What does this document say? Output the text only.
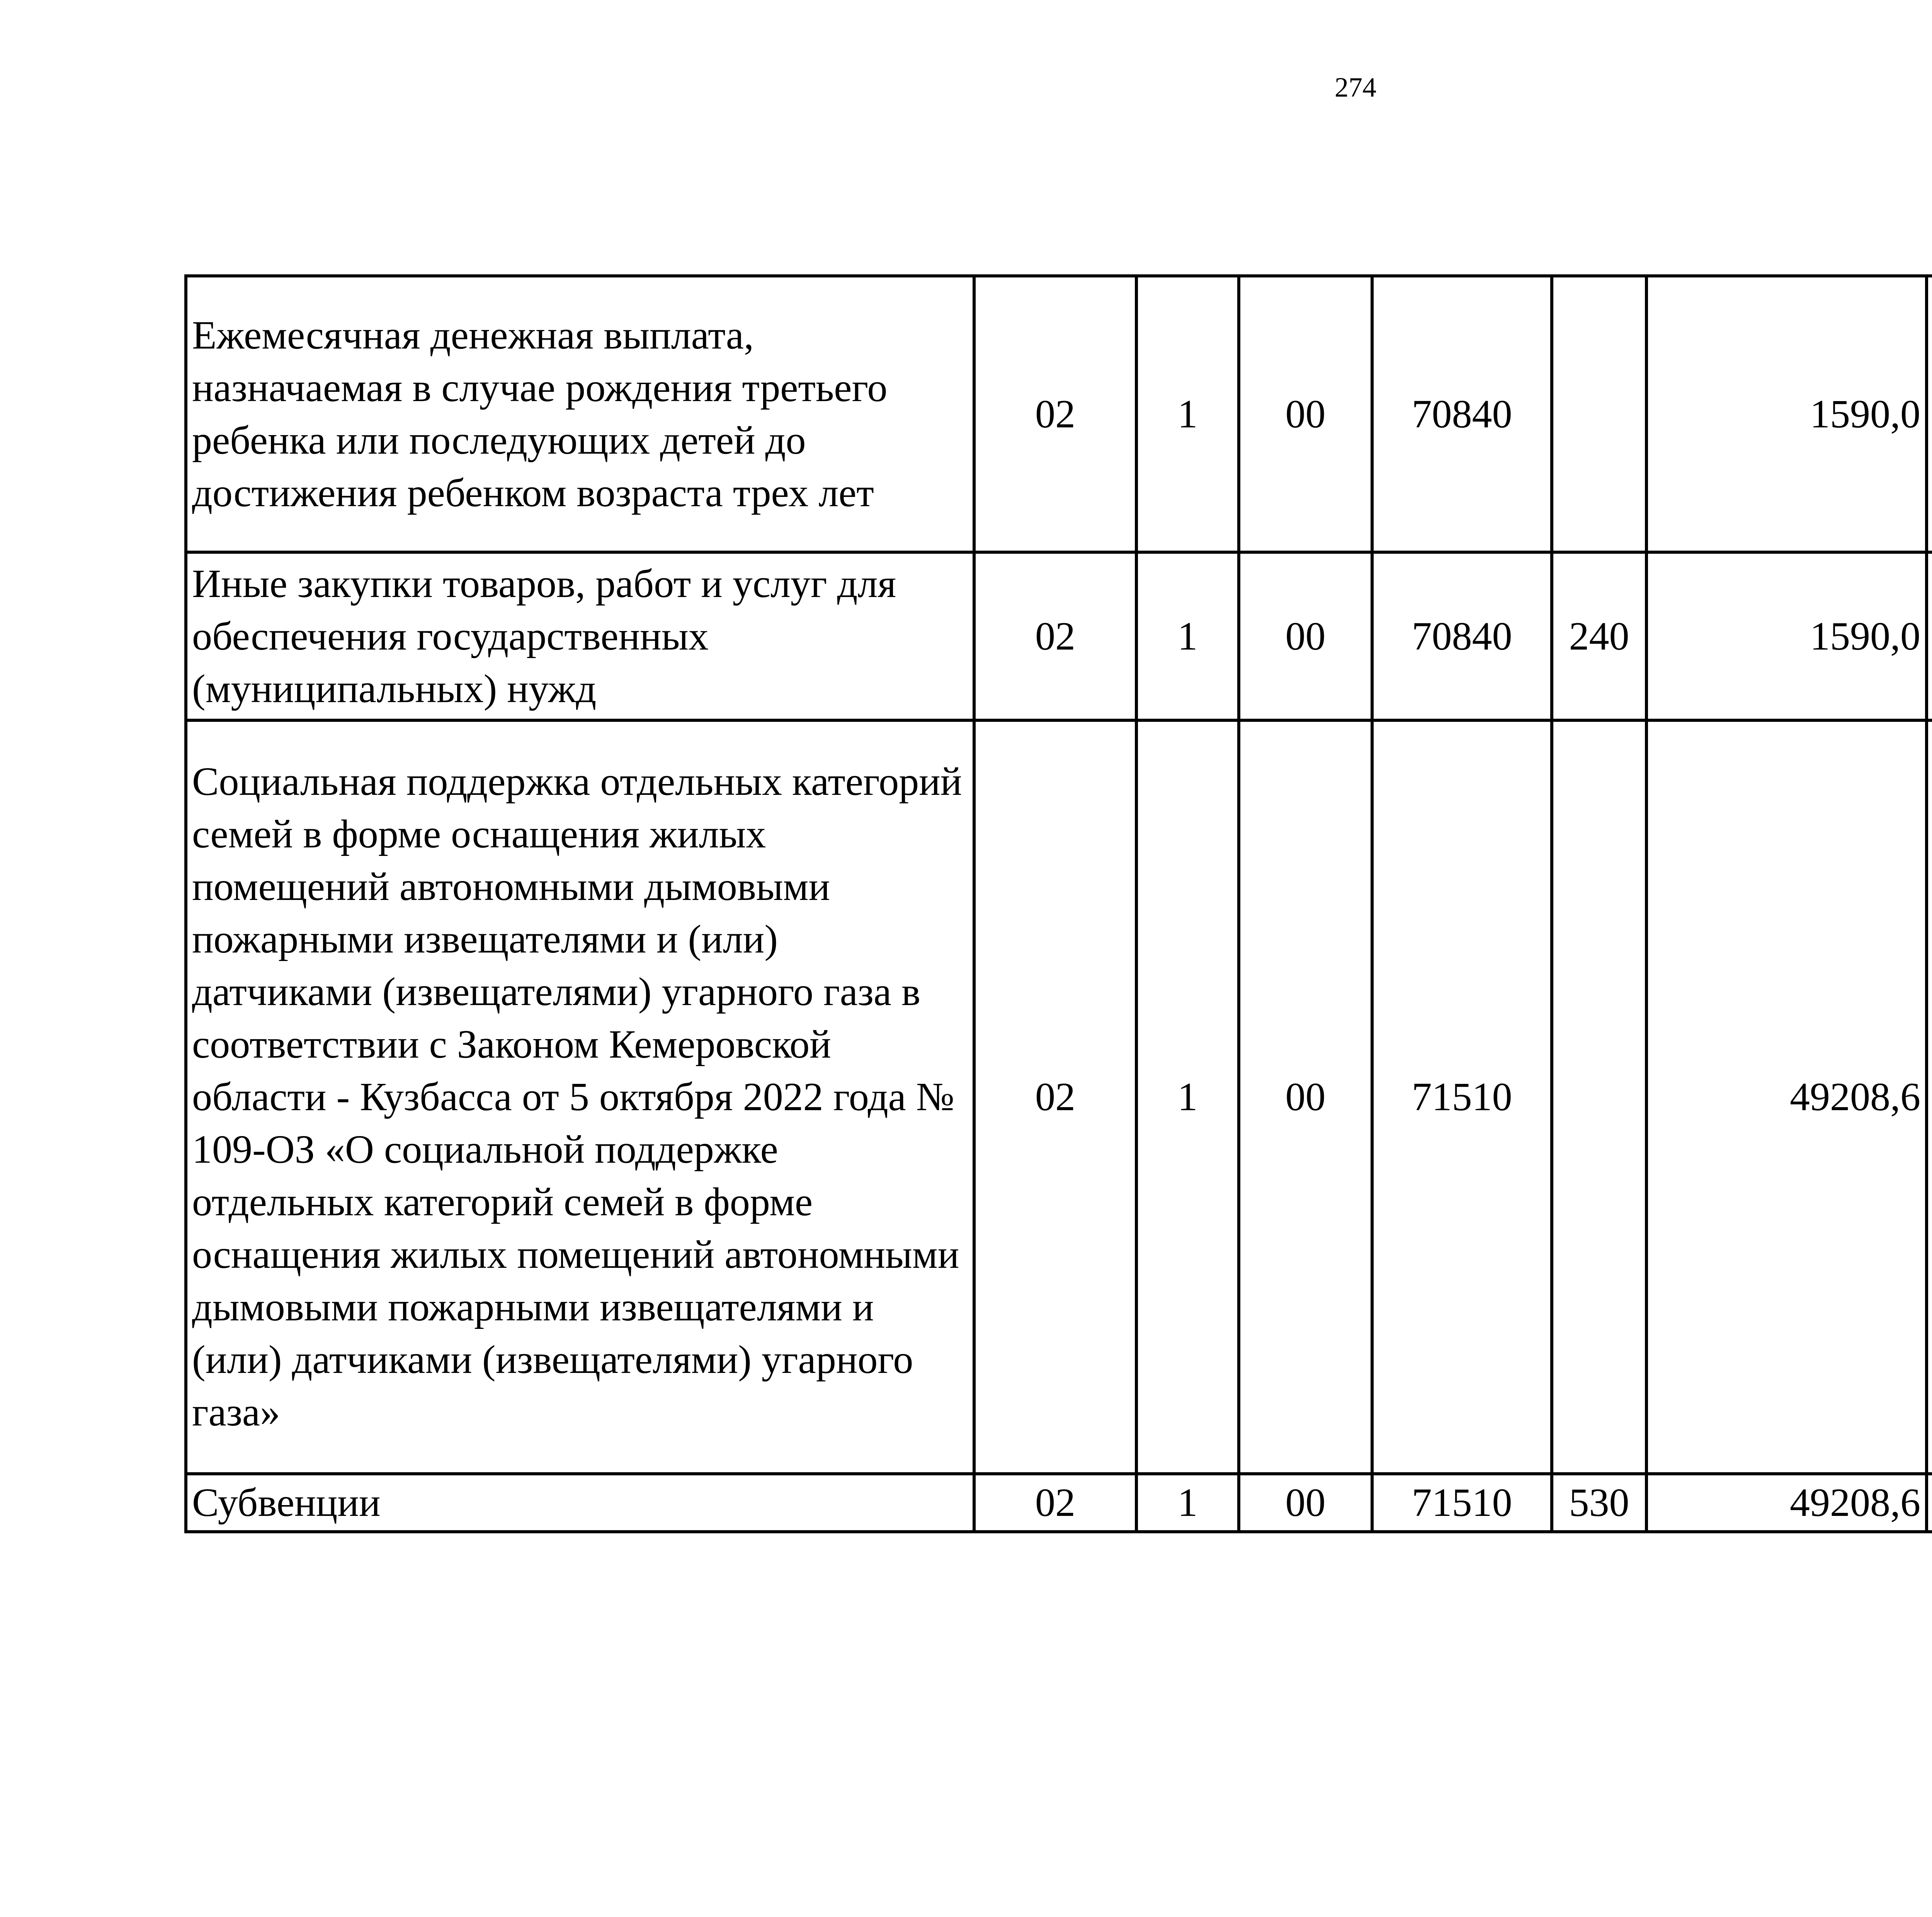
274
Ежемесячная денежная выплата, назначаемая в случае рождения третьего ребенка или последующих детей до достижения ребенком возраста трех лет	02	1	00	70840		1590,0		
Иные закупки товаров, работ и услуг для обеспечения государственных (муниципальных) нужд	02	1	00	70840	240	1590,0		
Социальная поддержка отдельных категорий семей в форме оснащения жилых помещений автономными дымовыми пожарными извещателями и (или) датчиками (извещателями) угарного газа в соответствии с Законом Кемеровской области - Кузбасса от 5 октября 2022 года № 109-ОЗ «О социальной поддержке отдельных категорий семей в форме оснащения жилых помещений автономными дымовыми пожарными извещателями и (или) датчиками (извещателями) угарного газа»	02	1	00	71510		49208,6		
Субвенции	02	1	00	71510	530	49208,6		
